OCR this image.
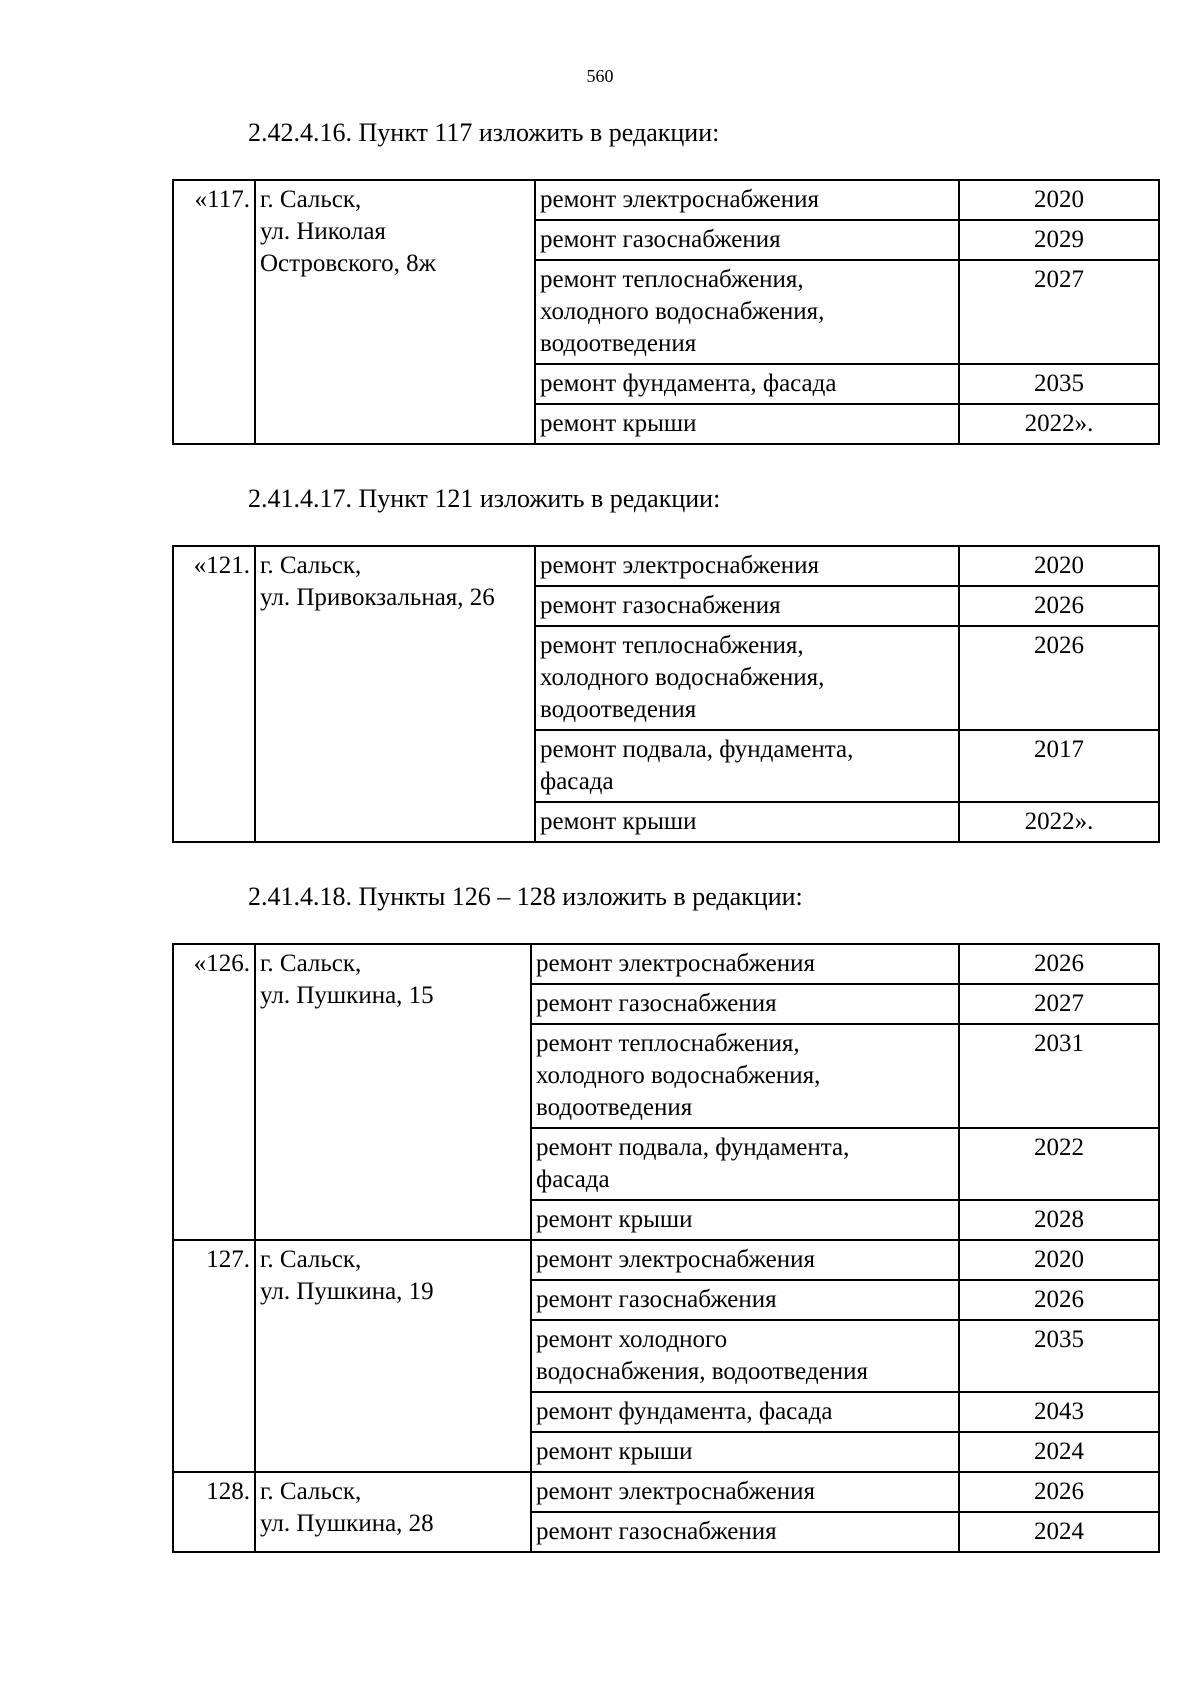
560
2.42.4.16. Пункт 117 изложить в редакции:
«117.	г. Сальск,
ул. Николая
Островского, 8ж	ремонт электроснабжения	2020
		ремонт газоснабжения	2029
		ремонт теплоснабжения,
холодного водоснабжения,
водоотведения	2027
		ремонт фундамента, фасада	2035
		ремонт крыши	2022».
2.41.4.17. Пункт 121 изложить в редакции:
«121.	г. Сальск,
ул. Привокзальная, 26	ремонт электроснабжения	2020
		ремонт газоснабжения	2026
		ремонт теплоснабжения,
холодного водоснабжения,
водоотведения	2026
		ремонт подвала, фундамента,
фасада	2017
		ремонт крыши	2022».
2.41.4.18. Пункты 126 – 128 изложить в редакции:
«126.	г. Сальск,
ул. Пушкина, 15	ремонт электроснабжения	2026
		ремонт газоснабжения	2027
		ремонт теплоснабжения,
холодного водоснабжения,
водоотведения	2031
		ремонт подвала, фундамента,
фасада	2022
		ремонт крыши	2028
127.	г. Сальск,
ул. Пушкина, 19	ремонт электроснабжения	2020
		ремонт газоснабжения	2026
		ремонт холодного
водоснабжения, водоотведения	2035
		ремонт фундамента, фасада	2043
		ремонт крыши	2024
128.	г. Сальск,
ул. Пушкина, 28	ремонт электроснабжения	2026
		ремонт газоснабжения	2024
